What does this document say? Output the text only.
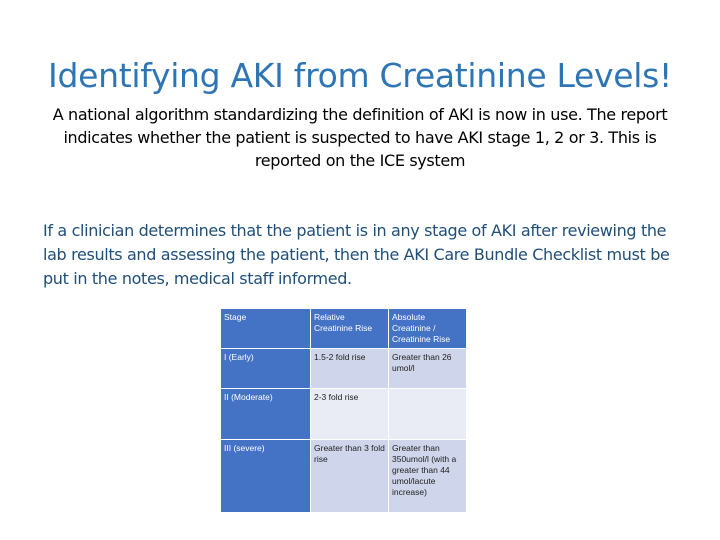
Identifying AKI from Creatinine Levels!
A national algorithm standardizing the definition of AKI is now in use. The report indicates whether the patient is suspected to have AKI stage 1, 2 or 3. This is reported on the ICE system
If a clinician determines that the patient is in any stage of AKI after reviewing the lab results and assessing the patient, then the AKI Care Bundle Checklist must be put in the notes, medical staff informed.
Stage	Relative Creatinine Rise	Absolute Creatinine / Creatinine Rise
I (Early)	1.5-2 fold rise	Greater than 26 umol/l
II (Moderate)	2-3 fold rise	
III (severe)	Greater than 3 fold rise	Greater than 350umol/l (with a greater than 44 umol/lacute increase)
